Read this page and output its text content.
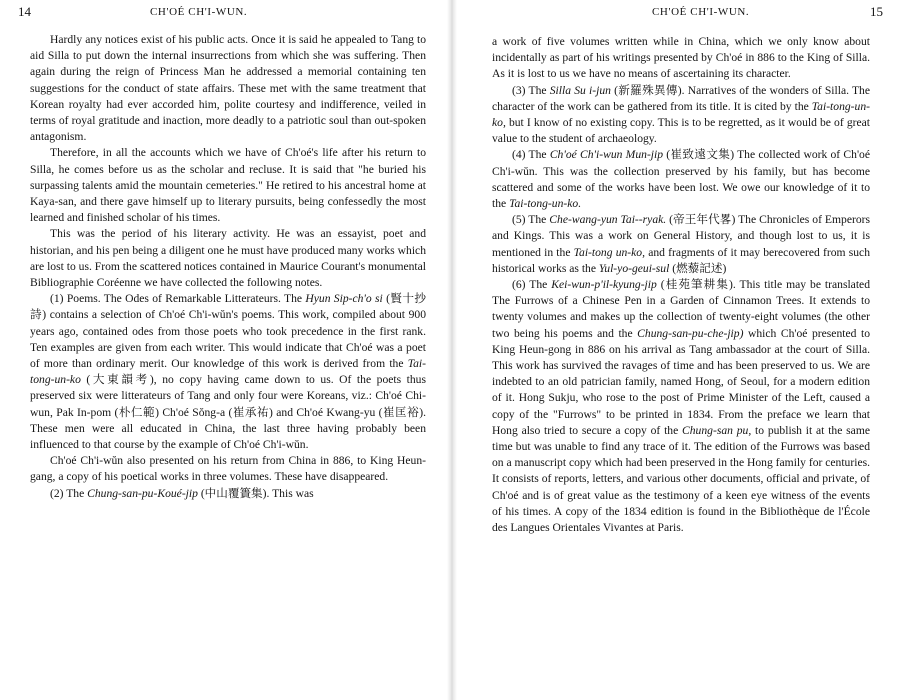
14	CH'OÉ CH'I-WUN.

Hardly any notices exist of his public acts. Once it is said he appealed to Tang to aid Silla to put down the internal insurrections from which she was suffering. Then again during the reign of Princess Man he addressed a memorial containing ten suggestions for the conduct of state affairs. These met with the same treatment that Korean royalty had ever accorded him, polite courtesy and indifference, veiled in terms of royal gratitude and inaction, more deadly to a patriotic soul than out-spoken antagonism.

Therefore, in all the accounts which we have of Ch'oé's life after his return to Silla, he comes before us as the scholar and recluse. It is said that "he buried his surpassing talents amid the mountain cemeteries." He retired to his ancestral home at Kaya-san, and there gave himself up to literary pursuits, being confessedly the most learned and finished scholar of his times.

This was the period of his literary activity. He was an essayist, poet and historian, and his pen being a diligent one he must have produced many works which are lost to us. From the scattered notices contained in Maurice Courant's monumental Bibliographie Coréenne we have collected the following notes.

(1) Poems. The Odes of Remarkable Litterateurs. The Hyun Sip-ch'o si (賢十抄詩) contains a selection of Ch'oé Ch'i-wŭn's poems. This work, compiled about 900 years ago, contained odes from those poets who took precedence in the first rank. Ten examples are given from each writer. This would indicate that Ch'oé was a poet of more than ordinary merit. Our knowledge of this work is derived from the Tai-tong-un-ko (大東韻考), no copy having came down to us. Of the poets thus preserved six were litterateurs of Tang and only four were Koreans, viz.: Ch'oé Chi-wun, Pak In-pom (朴仁範) Ch'oé Sŏng-a (崔承祐) and Ch'oé Kwang-yu (崔匡裕). These men were all educated in China, the last three having probably been influenced to that course by the example of Ch'oé Ch'i-wŭn.

Ch'oé Ch'i-wŭn also presented on his return from China in 886, to King Heun-gang, a copy of his poetical works in three volumes. These have disappeared.

(2) The Chung-san-pu-Koué-jip (中山覆簣集). This was

CH'OÉ CH'I-WUN.	15

a work of five volumes written while in China, which we only know about incidentally as part of his writings presented by Ch'oé in 886 to the King of Silla. As it is lost to us we have no means of ascertaining its character.

(3) The Silla Su i-jun (新羅殊異傳). Narratives of the wonders of Silla. The character of the work can be gathered from its title. It is cited by the Tai-tong-un-ko, but I know of no existing copy. This is to be regretted, as it would be of great value to the student of archaeology.

(4) The Ch'oé Ch'i-wun Mun-jip (崔致遠文集) The collected work of Ch'oé Ch'i-wŭn. This was the collection preserved by his family, but has become scattered and some of the works have been lost. We owe our knowledge of it to the Tai-tong-un-ko.

(5) The Che-wang-yun Tai--ryak. (帝王年代畧) The Chronicles of Emperors and Kings. This was a work on General History, and though lost to us, it is mentioned in the Tai-tong un-ko, and fragments of it may berecovered from such historical works as the Yul-yo-geui-sul (燃藜記述)

(6) The Kei-wun-p'il-kyung-jip (桂苑筆耕集). This title may be translated The Furrows of a Chinese Pen in a Garden of Cinnamon Trees. It extends to twenty volumes and makes up the collection of twenty-eight volumes (the other two being his poems and the Chung-san-pu-che-jip) which Ch'oé presented to King Heun-gong in 886 on his arrival as Tang ambassador at the court of Silla. This work has survived the ravages of time and has been preserved to us. We are indebted to an old patrician family, named Hong, of Seoul, for a modern edition of it. Hong Sukju, who rose to the post of Prime Minister of the Left, caused a copy of the "Furrows" to be printed in 1834. From the preface we learn that Hong also tried to secure a copy of the Chung-san pu, to publish it at the same time but was unable to find any trace of it. The edition of the Furrows was based on a manuscript copy which had been preserved in the Hong family for centuries. It consists of reports, letters, and various other documents, official and private, of Ch'oé and is of great value as the testimony of a keen eye witness of the events of his times. A copy of the 1834 edition is found in the Bibliothèque de l'École des Langues Orientales Vivantes at Paris.
